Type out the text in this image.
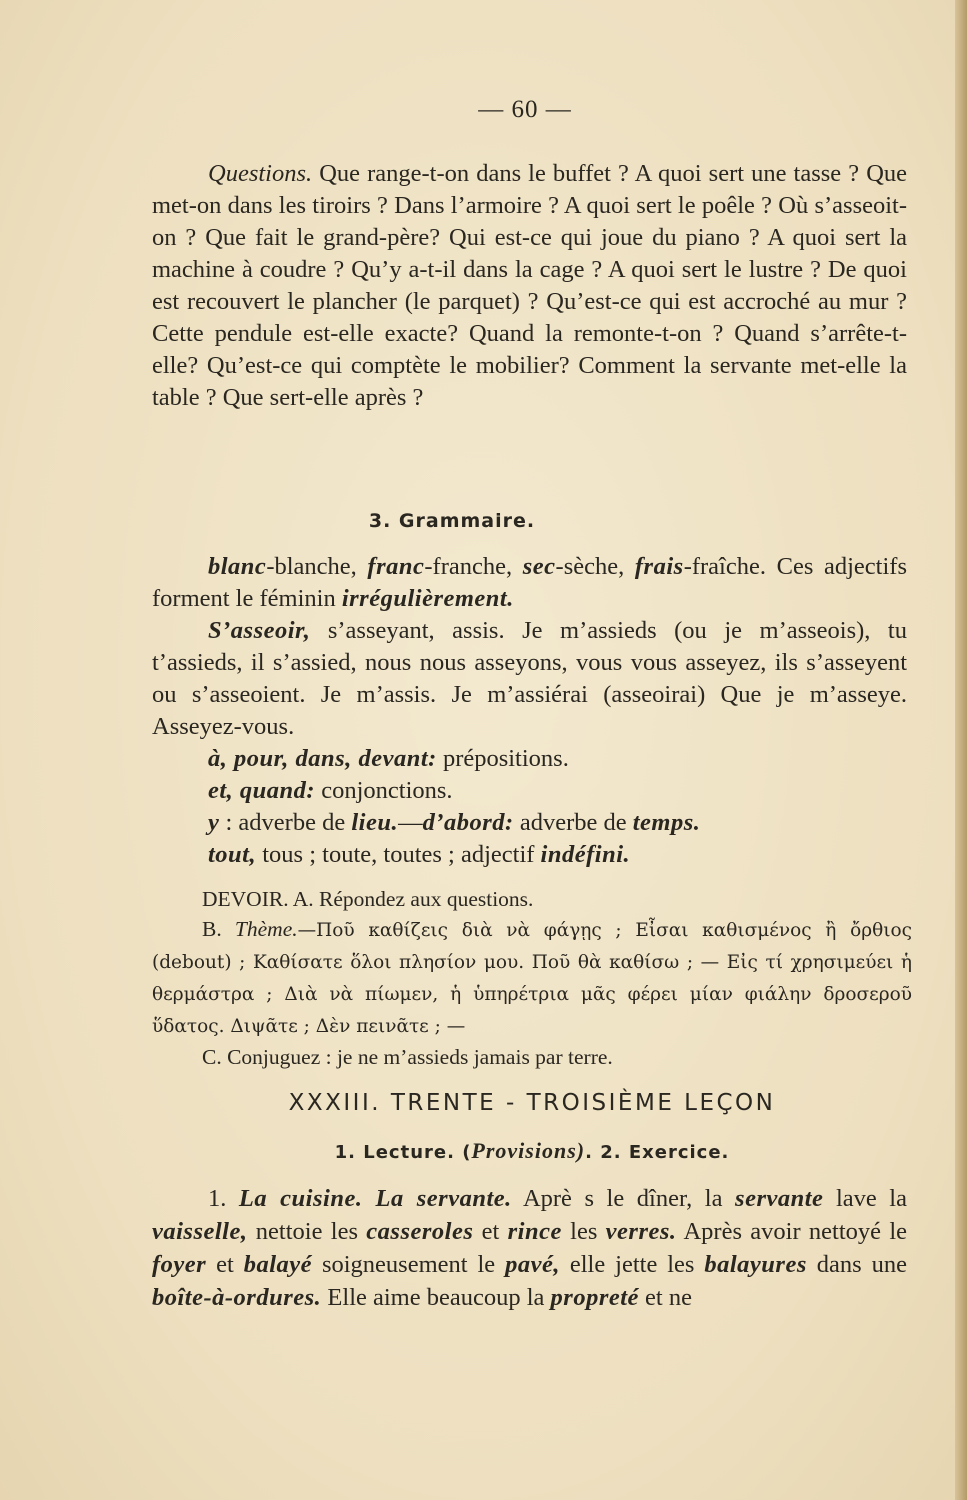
— 60 —

Questions. Que range-t-on dans le buffet ? A quoi sert une tasse ? Que met-on dans les tiroirs ? Dans l’armoire ? A quoi sert le poêle ? Où s’asseoit-on ? Que fait le grand-père? Qui est-ce qui joue du piano ? A quoi sert la machine à coudre ? Qu’y a-t-il dans la cage ? A quoi sert le lustre ? De quoi est recouvert le plancher (le parquet) ? Qu’est-ce qui est accroché au mur ? Cette pendule est-elle exacte? Quand la remonte-t-on ? Quand s’arrête-t-elle? Qu’est-ce qui comptète le mobilier? Comment la servante met-elle la table ? Que sert-elle après ?

3. Grammaire.

blanc-blanche, franc-franche, sec-sèche, frais-fraîche. Ces adjectifs forment le féminin irrégulièrement.

S’asseoir, s’asseyant, assis. Je m’assieds (ou je m’asseois), tu t’assieds, il s’assied, nous nous asseyons, vous vous asseyez, ils s’asseyent ou s’asseoient. Je m’assis. Je m’assiérai (asseoirai) Que je m’asseye. Asseyez-vous.

à, pour, dans, devant: prépositions.

et, quand: conjonctions.

y : adverbe de lieu.—d’abord: adverbe de temps.

tout, tous ; toute, toutes ; adjectif indéfini.

DEVOIR. A. Répondez aux questions.

B. Thème.—Ποῦ καθίζεις διὰ νὰ φάγῃς ; Εἶσαι καθισμένος ἢ ὄρθιος (debout) ; Καθίσατε ὅλοι πλησίον μου. Ποῦ θὰ καθίσω ; — Εἰς τί χρησιμεύει ἡ θερμάστρα ; Διὰ νὰ πίωμεν, ἡ ὑπηρέτρια μᾶς φέρει μίαν φιάλην δροσεροῦ ὕδατος. Διψᾶτε ; Δὲν πεινᾶτε ; —

C. Conjuguez : je ne m’assieds jamais par terre.

XXXIII. TRENTE - TROISIÈME LEÇON
1. Lecture. (Provisions). 2. Exercice.

1. La cuisine. La servante. Aprè s le dîner, la servante lave la vaisselle, nettoie les casseroles et rince les verres. Après avoir nettoyé le foyer et balayé soigneusement le pavé, elle jette les balayures dans une boîte-à-ordures. Elle aime beaucoup la propreté et ne
